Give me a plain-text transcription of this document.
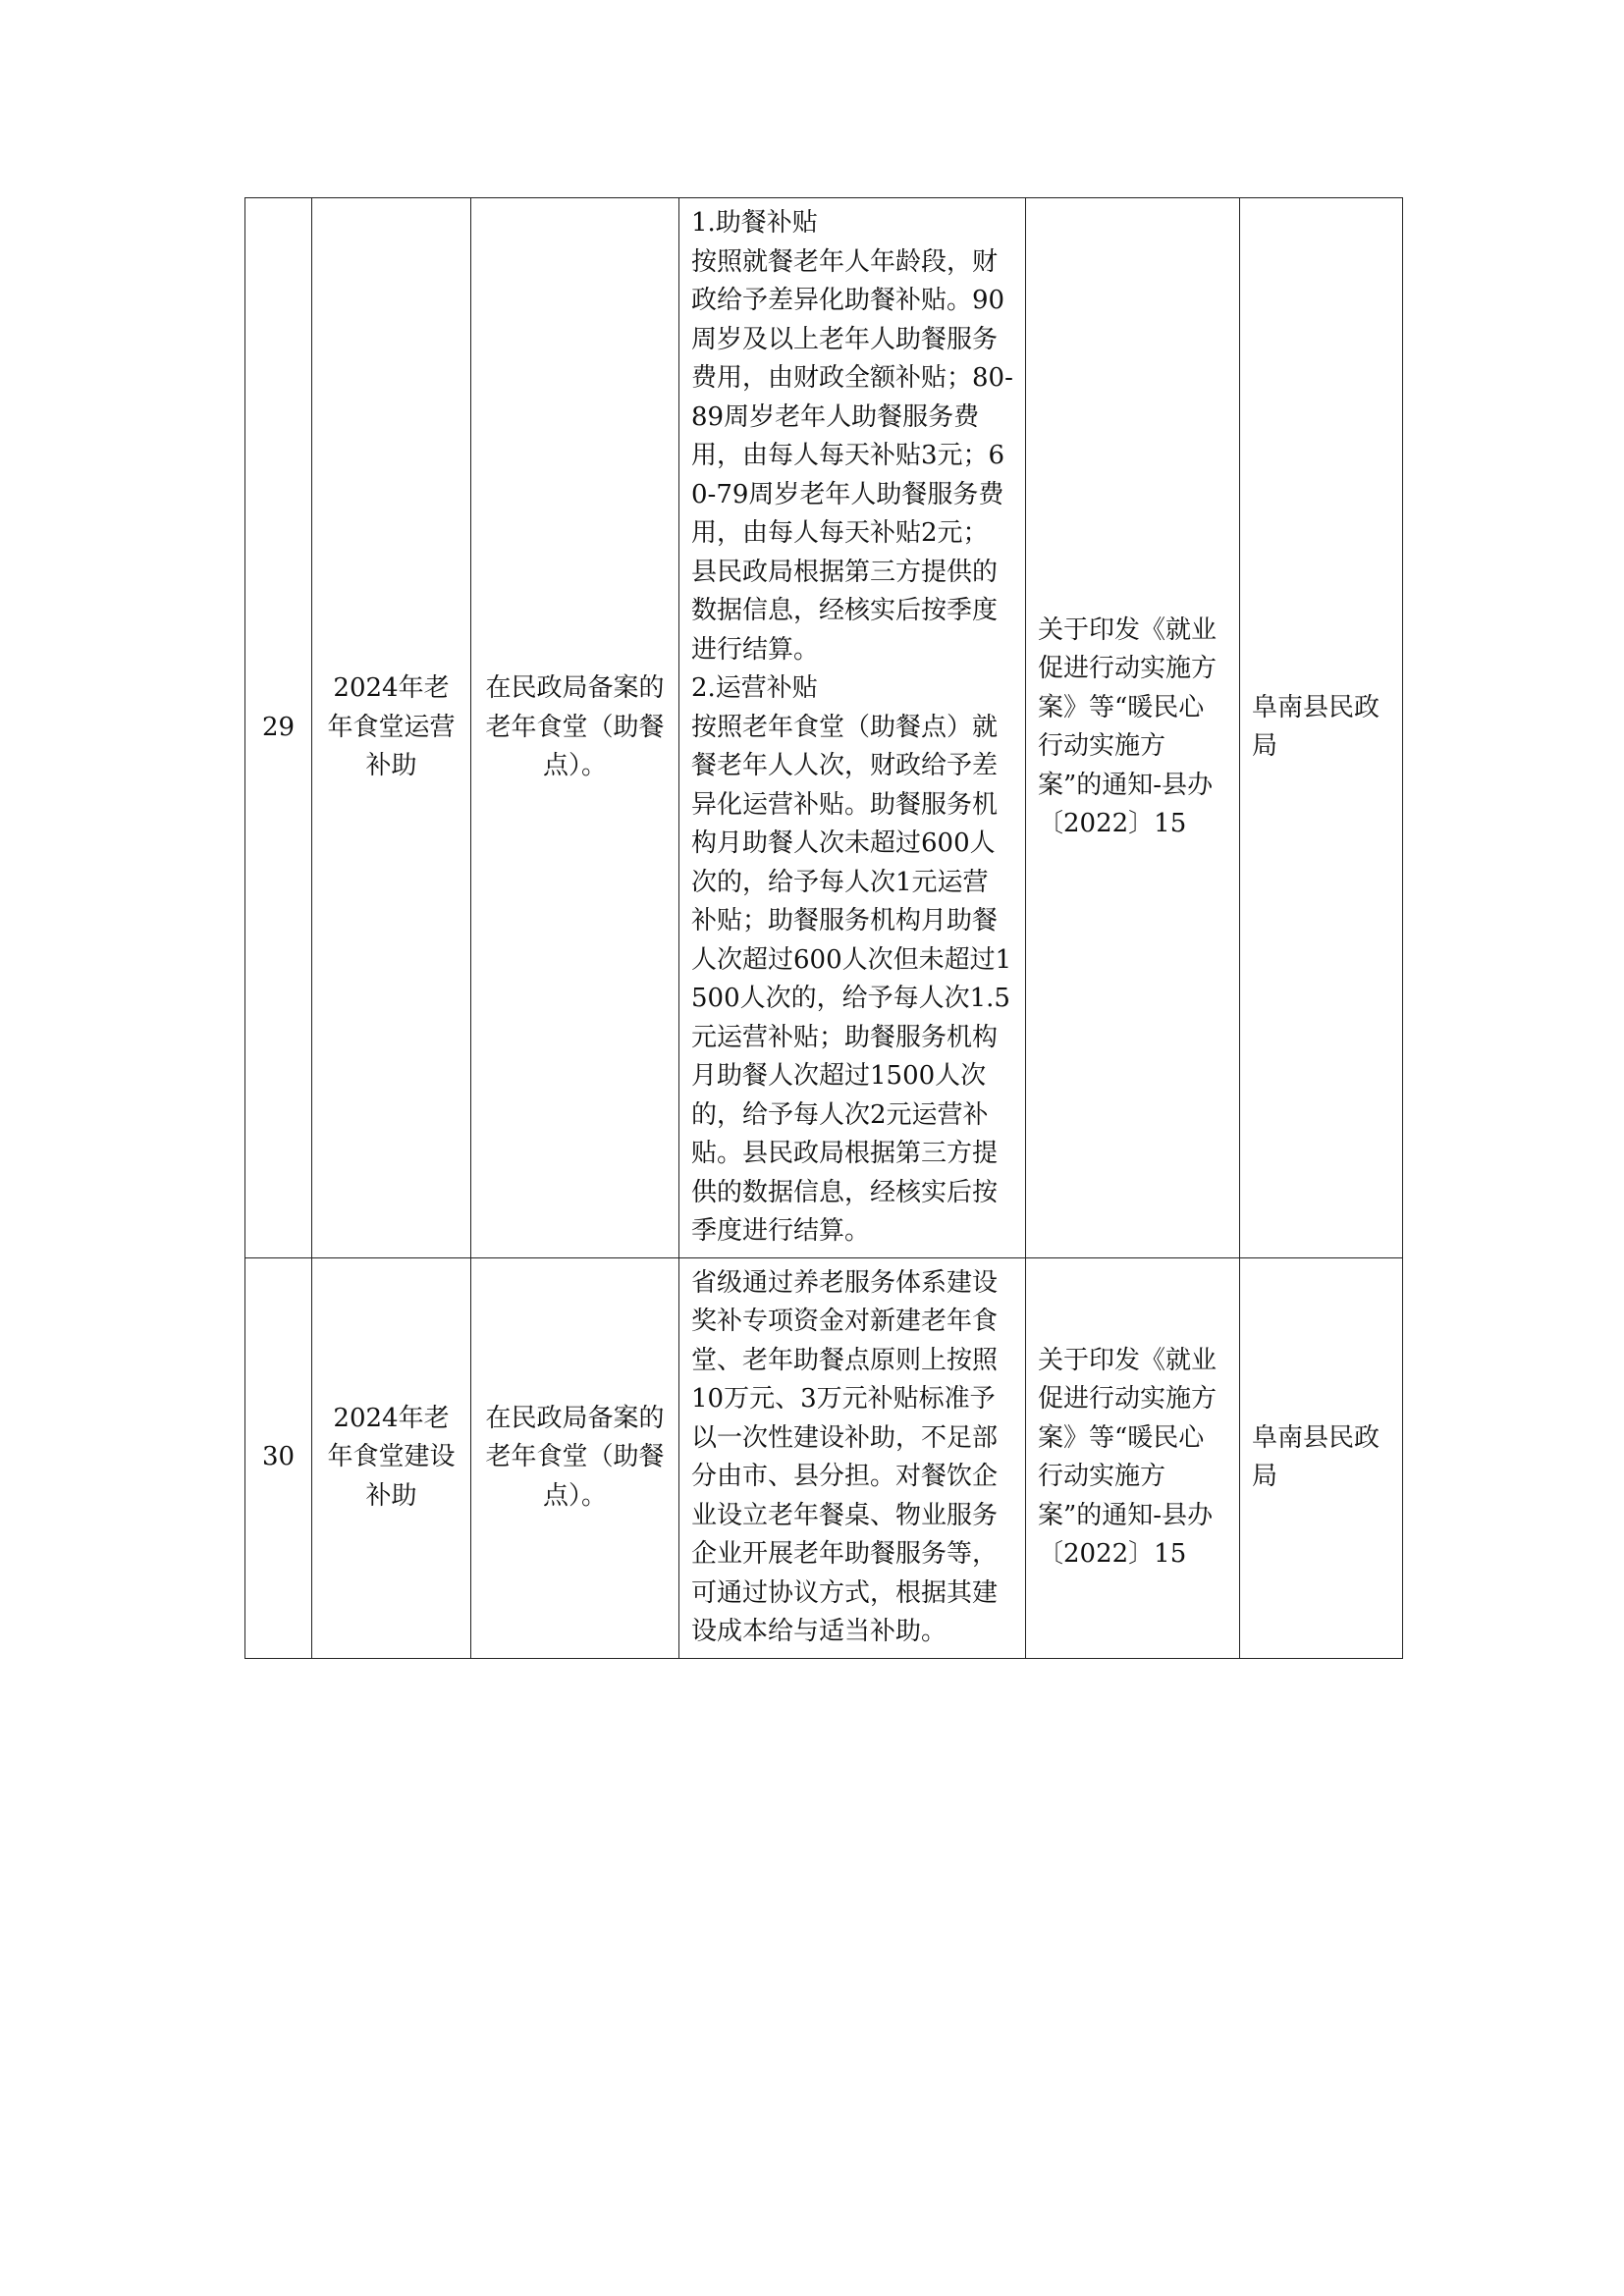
29	2024年老年食堂运营补助	在民政局备案的老年食堂（助餐点）。	1.助餐补贴
按照就餐老年人年龄段，财政给予差异化助餐补贴。90周岁及以上老年人助餐服务费用，由财政全额补贴；80-89周岁老年人助餐服务费用，由每人每天补贴3元；60-79周岁老年人助餐服务费用，由每人每天补贴2元；县民政局根据第三方提供的数据信息，经核实后按季度进行结算。
2.运营补贴
按照老年食堂（助餐点）就餐老年人人次，财政给予差异化运营补贴。助餐服务机构月助餐人次未超过600人次的，给予每人次1元运营补贴；助餐服务机构月助餐人次超过600人次但未超过1500人次的，给予每人次1.5元运营补贴；助餐服务机构月助餐人次超过1500人次的，给予每人次2元运营补贴。县民政局根据第三方提供的数据信息，经核实后按季度进行结算。	关于印发《就业促进行动实施方案》等“暖民心行动实施方案”的通知-县办〔2022〕15	阜南县民政局
30	2024年老年食堂建设补助	在民政局备案的老年食堂（助餐点）。	省级通过养老服务体系建设奖补专项资金对新建老年食堂、老年助餐点原则上按照10万元、3万元补贴标准予以一次性建设补助，不足部分由市、县分担。对餐饮企业设立老年餐桌、物业服务企业开展老年助餐服务等，可通过协议方式，根据其建设成本给与适当补助。	关于印发《就业促进行动实施方案》等“暖民心行动实施方案”的通知-县办〔2022〕15	阜南县民政局
